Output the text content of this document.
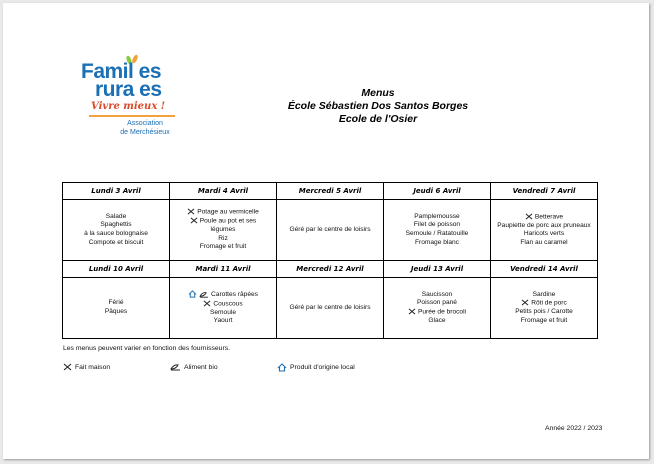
Famil es
rura es
Vivre mieux !
Association
de Merchésieux
Menus
École Sébastien Dos Santos Borges
Ecole de l'Osier
Lundi 3 Avril	Mardi 4 Avril	Mercredi 5 Avril	Jeudi 6 Avril	Vendredi 7 Avril

Salade
Spaghettis
à la sauce bolognaise
Compote et biscuit	Potage au vermicelle
Poule au pot et ses
légumes
Riz
Fromage et fruit	Géré par le centre de loisirs	Pamplemousse
Filet de poisson
Semoule / Ratatouille
Fromage blanc	Betterave
Paupiette de porc aux pruneaux
Haricots verts
Flan au caramel

Lundi 10 Avril	Mardi 11 Avril	Mercredi 12 Avril	Jeudi 13 Avril	Vendredi 14 Avril

Férié
Pâques	Carottes râpées
Couscous
Semoule
Yaourt	Géré par le centre de loisirs	Saucisson
Poisson pané
Purée de brocoli
Glace	Sardine
Rôti de porc
Petits pois / Carotte
Fromage et fruit
Les menus peuvent varier en fonction des fournisseurs.
Fait maison	Aliment bio	Produit d'origine local
Année 2022 / 2023
